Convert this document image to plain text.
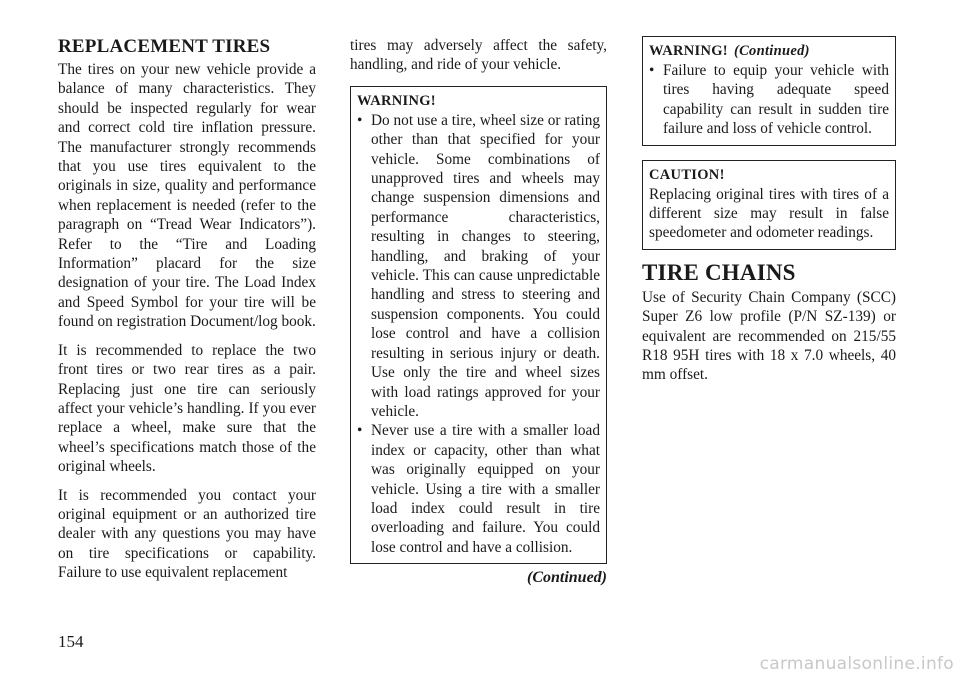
REPLACEMENT TIRES

The tires on your new vehicle provide a balance of many characteristics. They should be inspected regularly for wear and correct cold tire inflation pressure. The manufacturer strongly recommends that you use tires equivalent to the originals in size, quality and performance when replacement is needed (refer to the paragraph on “Tread Wear Indicators”). Refer to the “Tire and Loading Information” placard for the size designation of your tire. The Load Index and Speed Symbol for your tire will be found on registration Document/log book.

It is recommended to replace the two front tires or two rear tires as a pair. Replacing just one tire can seriously affect your vehicle’s handling. If you ever replace a wheel, make sure that the wheel’s specifications match those of the original wheels.

It is recommended you contact your original equipment or an authorized tire dealer with any questions you may have on tire specifications or capability. Failure to use equivalent replacement

tires may adversely affect the safety, handling, and ride of your vehicle.

WARNING!
• Do not use a tire, wheel size or rating other than that specified for your vehicle. Some combinations of unapproved tires and wheels may change suspension dimensions and performance characteristics, resulting in changes to steering, handling, and braking of your vehicle. This can cause unpredictable handling and stress to steering and suspension components. You could lose control and have a collision resulting in serious injury or death. Use only the tire and wheel sizes with load ratings approved for your vehicle.
• Never use a tire with a smaller load index or capacity, other than what was originally equipped on your vehicle. Using a tire with a smaller load index could result in tire overloading and failure. You could lose control and have a collision.
(Continued)
WARNING! (Continued)
• Failure to equip your vehicle with tires having adequate speed capability can result in sudden tire failure and loss of vehicle control.
CAUTION!

Replacing original tires with tires of a different size may result in false speedometer and odometer readings.

TIRE CHAINS

Use of Security Chain Company (SCC) Super Z6 low profile (P/N SZ-139) or equivalent are recommended on 215/55 R18 95H tires with 18 x 7.0 wheels, 40 mm offset.

154
carmanualsonline.info
